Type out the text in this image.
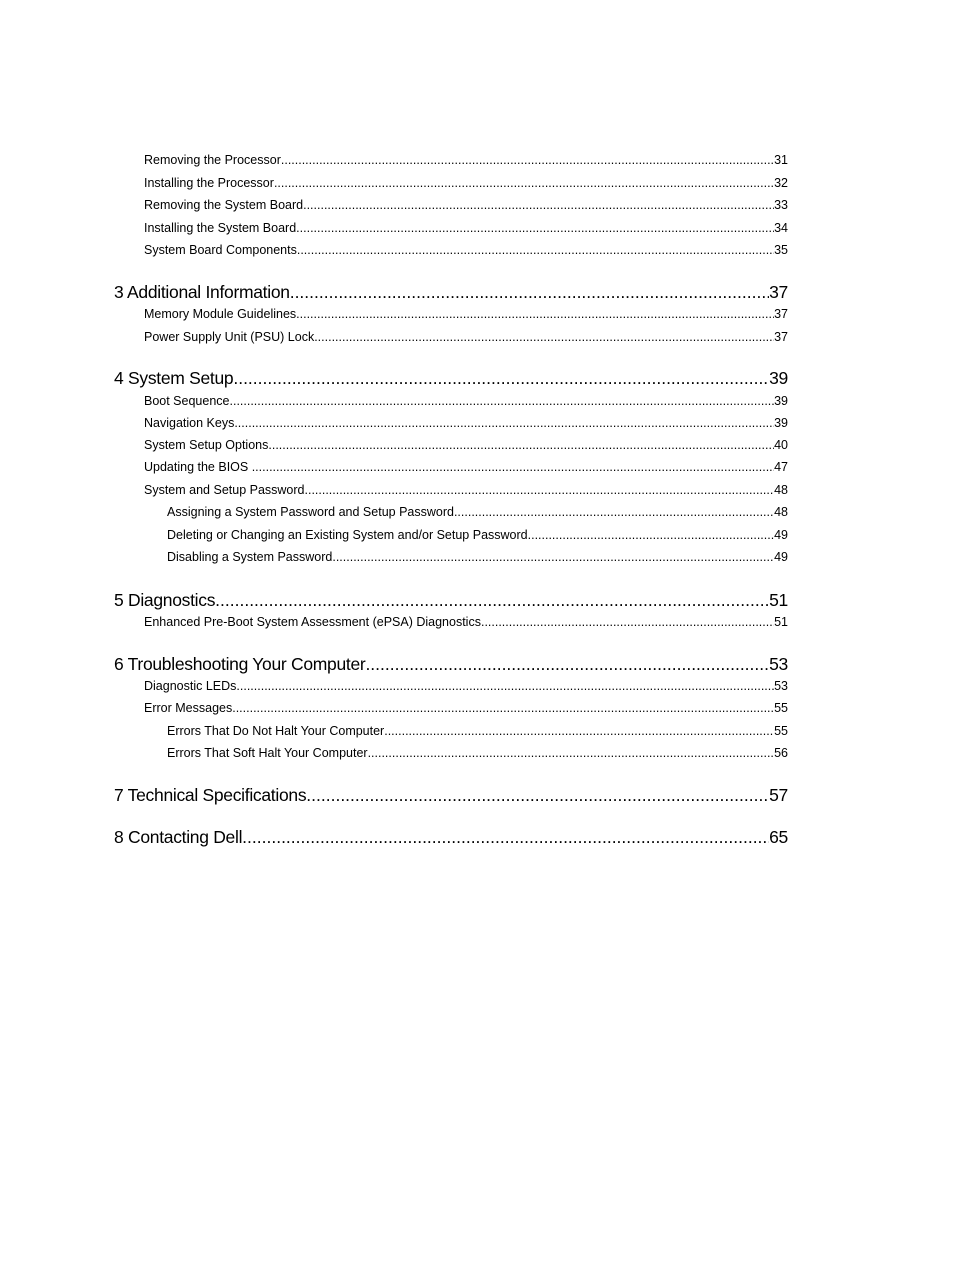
Removing the Processor .....	31
Installing the Processor .....	32
Removing the System Board .....	33
Installing the System Board .....	34
System Board Components .....	35
3 Additional Information .....	37
Memory Module Guidelines .....	37
Power Supply Unit (PSU) Lock .....	37
4 System Setup .....	39
Boot Sequence .....	39
Navigation Keys .....	39
System Setup Options .....	40
Updating the BIOS .....	47
System and Setup Password .....	48
Assigning a System Password and Setup Password .....	48
Deleting or Changing an Existing System and/or Setup Password .....	49
Disabling a System Password .....	49
5 Diagnostics .....	51
Enhanced Pre-Boot System Assessment (ePSA) Diagnostics .....	51
6 Troubleshooting Your Computer .....	53
Diagnostic LEDs .....	53
Error Messages .....	55
Errors That Do Not Halt Your Computer .....	55
Errors That Soft Halt Your Computer .....	56
7 Technical Specifications .....	57
8 Contacting Dell .....	65
